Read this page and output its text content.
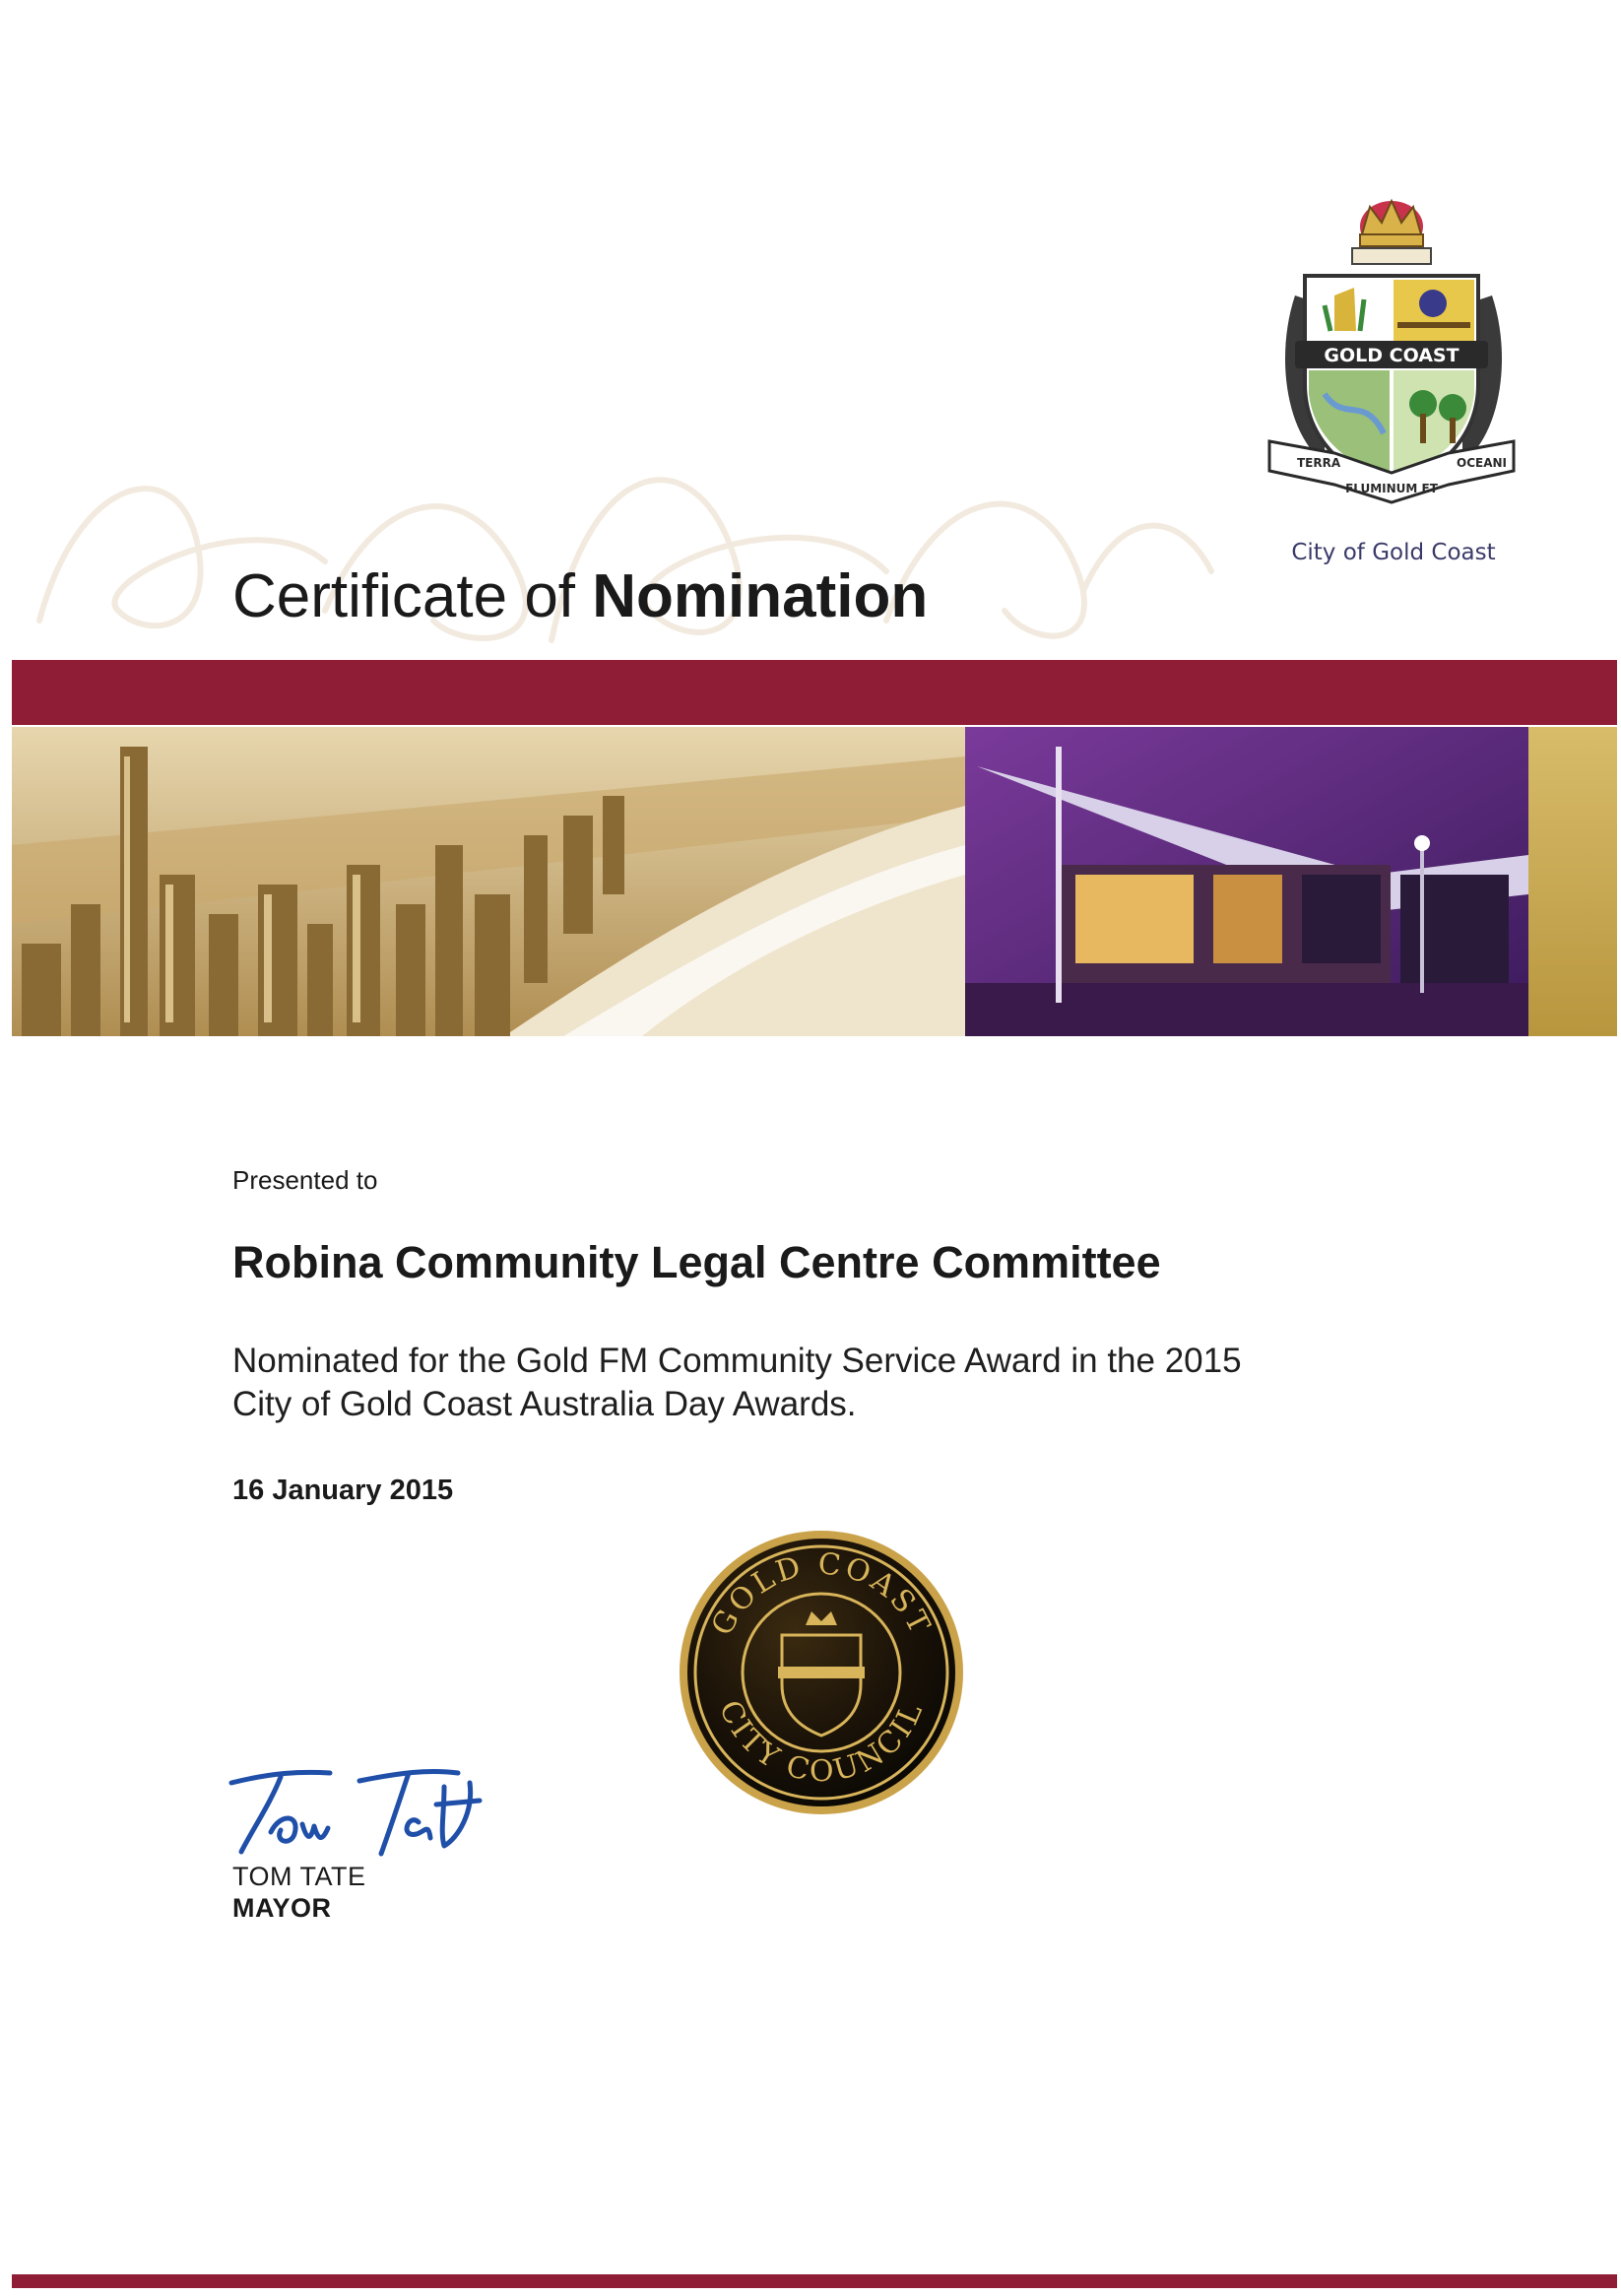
GOLD COAST
TERRA
FLUMINUM ET
OCEANI
City of Gold Coast
Certificate of Nomination
Presented to
Robina Community Legal Centre Committee
Nominated for the Gold FM Community Service Award in the 2015
City of Gold Coast Australia Day Awards.
16 January 2015
GOLD COAST
CITY COUNCIL
TOM TATE
MAYOR
